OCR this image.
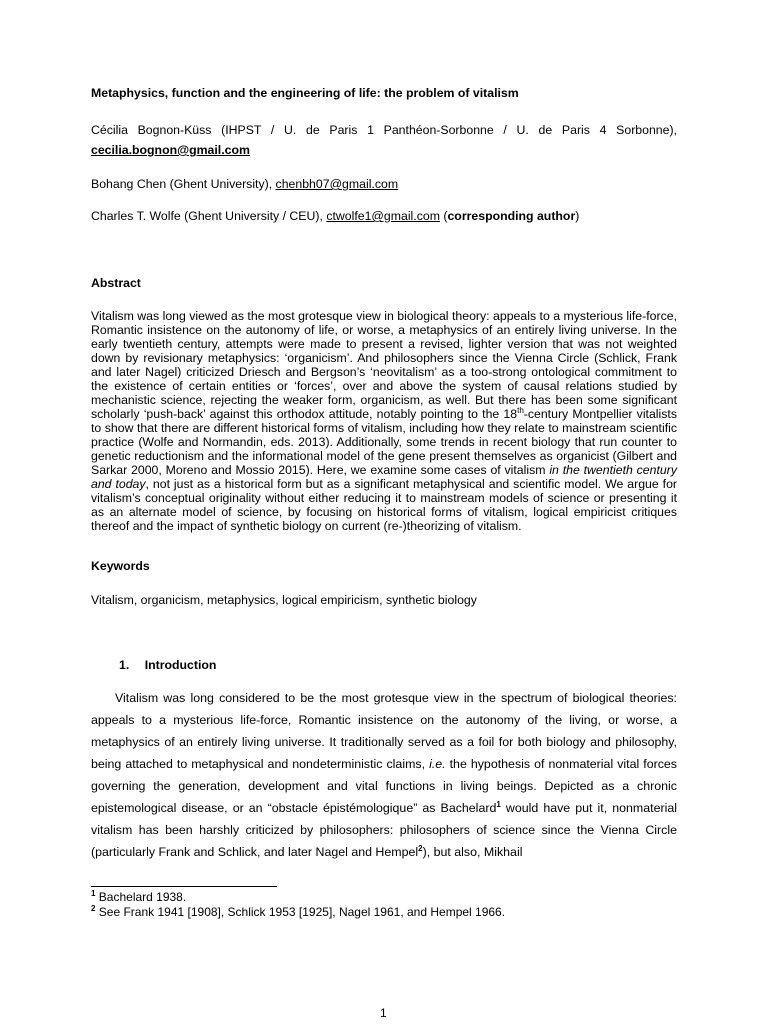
Metaphysics, function and the engineering of life: the problem of vitalism
Cécilia Bognon-Küss (IHPST / U. de Paris 1 Panthéon-Sorbonne / U. de Paris 4 Sorbonne), cecilia.bognon@gmail.com
Bohang Chen (Ghent University), chenbh07@gmail.com
Charles T. Wolfe (Ghent University / CEU), ctwolfe1@gmail.com (corresponding author)
Abstract
Vitalism was long viewed as the most grotesque view in biological theory: appeals to a mysterious life-force, Romantic insistence on the autonomy of life, or worse, a metaphysics of an entirely living universe. In the early twentieth century, attempts were made to present a revised, lighter version that was not weighted down by revisionary metaphysics: ‘organicism’. And philosophers since the Vienna Circle (Schlick, Frank and later Nagel) criticized Driesch and Bergson’s ‘neovitalism’ as a too-strong ontological commitment to the existence of certain entities or ‘forces’, over and above the system of causal relations studied by mechanistic science, rejecting the weaker form, organicism, as well. But there has been some significant scholarly ‘push-back’ against this orthodox attitude, notably pointing to the 18th-century Montpellier vitalists to show that there are different historical forms of vitalism, including how they relate to mainstream scientific practice (Wolfe and Normandin, eds. 2013). Additionally, some trends in recent biology that run counter to genetic reductionism and the informational model of the gene present themselves as organicist (Gilbert and Sarkar 2000, Moreno and Mossio 2015). Here, we examine some cases of vitalism in the twentieth century and today, not just as a historical form but as a significant metaphysical and scientific model. We argue for vitalism’s conceptual originality without either reducing it to mainstream models of science or presenting it as an alternate model of science, by focusing on historical forms of vitalism, logical empiricist critiques thereof and the impact of synthetic biology on current (re-)theorizing of vitalism.
Keywords
Vitalism, organicism, metaphysics, logical empiricism, synthetic biology
1. Introduction
Vitalism was long considered to be the most grotesque view in the spectrum of biological theories: appeals to a mysterious life-force, Romantic insistence on the autonomy of the living, or worse, a metaphysics of an entirely living universe. It traditionally served as a foil for both biology and philosophy, being attached to metaphysical and nondeterministic claims, i.e. the hypothesis of nonmaterial vital forces governing the generation, development and vital functions in living beings. Depicted as a chronic epistemological disease, or an “obstacle épistémologique” as Bachelard$^1$ would have put it, nonmaterial vitalism has been harshly criticized by philosophers: philosophers of science since the Vienna Circle (particularly Frank and Schlick, and later Nagel and Hempel$^2$), but also, Mikhail
$^1$ Bachelard 1938.
$^2$ See Frank 1941 [1908], Schlick 1953 [1925], Nagel 1961, and Hempel 1966.
1
